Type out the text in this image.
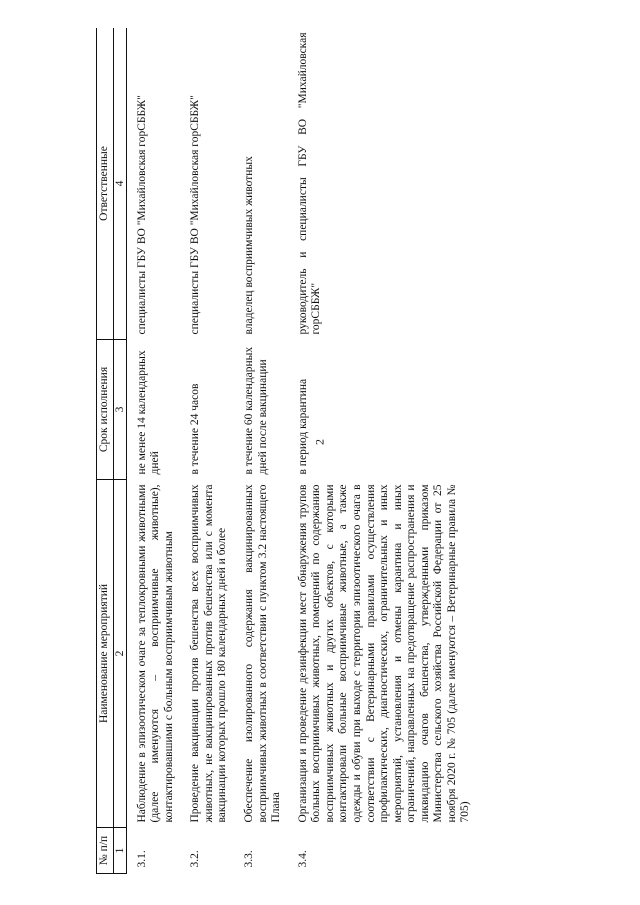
2
№ п/п	Наименование мероприятий	Срок исполнения	Ответственные
1	2	3	4
3.1.	Наблюдение в эпизоотическом очаге за теплокровными животными (далее именуются – восприимчивые животные), контактировавшими с больным восприимчивым животным	не менее 14 календарных дней	специалисты ГБУ ВО "Михайловская горСББЖ"
3.2.	Проведение вакцинации против бешенства всех восприимчивых животных, не вакцинированных против бешенства или с момента вакцинации которых прошло 180 календарных дней и более	в течение 24 часов	специалисты ГБУ ВО "Михайловская горСББЖ"
3.3.	Обеспечение изолированного содержания вакцинированных восприимчивых животных в соответствии с пунктом 3.2 настоящего Плана	в течение 60 календарных дней после вакцинации	владелец восприимчивых животных
3.4.	Организация и проведение дезинфекции мест обнаружения трупов больных восприимчивых животных, помещений по содержанию восприимчивых животных и других объектов, с которыми контактировали больные восприимчивые животные, а также одежды и обуви при выходе с территории эпизоотического очага в соответствии с Ветеринарными правилами осуществления профилактических, диагностических, ограничительных и иных мероприятий, установления и отмены карантина и иных ограничений, направленных на предотвращение распространения и ликвидацию очагов бешенства, утвержденными приказом Министерства сельского хозяйства Российской Федерации от 25 ноября 2020 г. № 705 (далее именуются – Ветеринарные правила № 705)	в период карантина	руководитель и специалисты ГБУ ВО "Михайловская горСББЖ"
